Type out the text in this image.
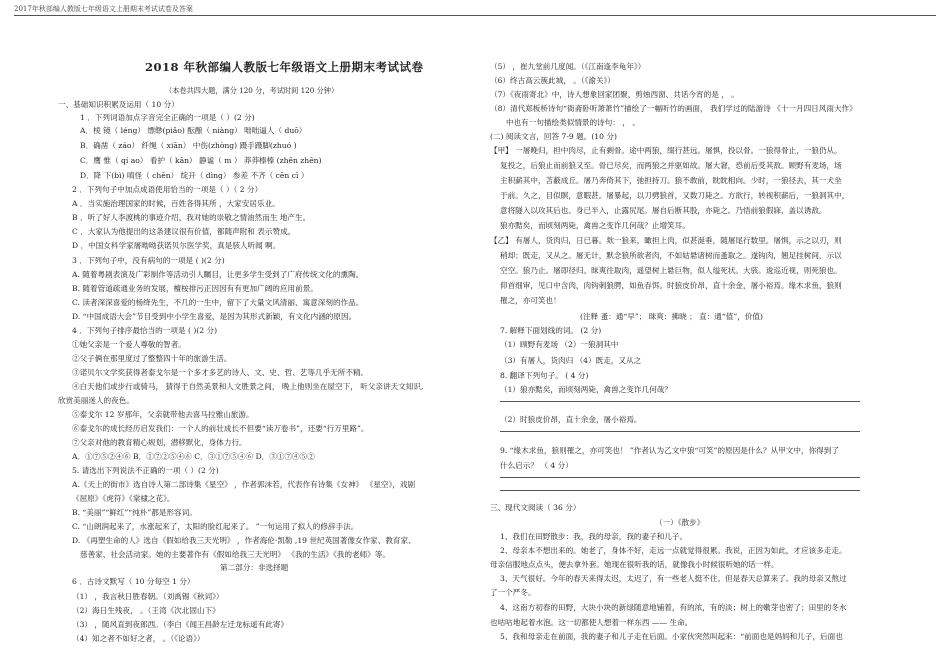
2017年秋部编人教版七年级语文上册期末考试试卷及答案
2018 年秋部编人教版七年级语文上册期末考试试卷
（本卷共四大题，满分 120 分，考试时间 120 分钟）
一、基础知识积累及运用（ 10 分）
1 ．下列词语加点字音完全正确的一项是（ ）(2 分)
A．棱 镜（ lénɡ） 缥缈(piǎo) 酝酿（ niànɡ） 咄咄逼人（ duō）
B．确凿（ záo） 纤绳（ xiān） 中伤(zhòng) 蹑手蹑脚(zhuó )
C．鹰 惟（ qí ao） 看护（ kān） 静谧（ m ） 莽莽榛榛 (zhēn zhēn)
D．降 下(bì) 嗔怪（ chēn） 绽开（ dìng） 参差 不齐（ cēn cī ）
2 ．下列句子中加点成语使用恰当的一项是（ ）（ 2 分）
A ．当实施治理国家的时候，百姓各得其所 ，大家安居乐业。
B ．听了好人李渡桃的事迹介绍，我对她的崇敬之情油然而生 地产生。
C ．大家认为他提出的这条建议很有价值，都随声附和 表示赞成。
D ．中国女科学家屠呦呦获诺贝尔医学奖，真是骇人听闻 啊。
3 ．下列句子中，没有病句的一项是 ( )(2 分)
A. 随着粤剧表演及广彩制作等活动引人瞩目，让更多学生受到了广府传统文化的熏陶。
B. 随着管道疏通业务的发展，檀桉排污正因因有有更加广阔的应用前景。
C. 读者深深喜爱的杨绛先生，不几的一生中，留下了大量文风清丽、寓意深刻的作品。
D. “中国成语大会”节目受到中小学生喜爱，是因为其形式新颖，有文化内涵的原因。
4 ．下列句子排序最恰当的一项是 ( )(2 分)
①她父亲是一个爱人尊敬的智者。
②父子俩在那里度过了整整四十年的旅游生活。
③诺贝尔文学奖获得者泰戈尔是一个多才多艺的诗人、文、史、哲、艺等几乎无所不精。
④白天他们或步行或骑马， 猜得于自然美景和人文胜景之间， 晚上他则坐在屋空下， 听父亲讲天文知识,
欣赏美丽迷人的夜色。
⑤泰戈尔 12 岁那年，父亲就带他去喜马拉雅山旅游。
⑥泰戈尔的成长经历启发我们：一个人的前壮成长不但要“读万卷书”，还要“行万里路”。
⑦父亲对他的教育精心规划，潜移默化，身体力行。
A．①⑦⑤②④⑥ B．①⑦②⑤④⑥ C．③①⑦⑤④⑥ D．③①⑦④⑤②
5. 请选出下列说法不正确的一项（ ）(2 分)
A.《天上的街市》选自诗人第二部诗集《星空》 ，作者郭沫若，代表作有诗集《女神》 《星空》，戏剧
《屈原》《虎符》《棠棣之花》。
B. “美丽”“鲜红”“纯朴”都是形容词。
C. “山朗润起来了，水涨起来了，太阳的脸红起来了。 ”一句运用了拟人的修辞手法。
D. 《再塑生命的人》选自《假如给我三天光明》 ，作者海伦·凯勒 ,19 世纪英国著像女作家、教育家、
慈善家、社会活动家。她的主要著作有《假如给我三天光明》 《我的生活》《我的老师》等。
第二部分：非选择题
6 ．古诗文默写（ 10 分每空 1 分）
（1） ，我言秋日胜春朝。（刘禹锡《秋词》）
（2）海日生残夜， 。（王湾《次北固山下》
（3） ，随风直到夜郎西。（李白《闻王昌龄左迁龙标遥有此寄》
（4）知之者不如好之者， 。（《论语》）
（5） ，崔九堂前几度闻。（《江南逢李龟年》）
（6）终古高云簇此城， 。（《渝关》）
（7）《夜雨寄北》中，诗人想象回家团聚，剪烛西窗、共话今宵的是 ， 。
（8）清代郑板桥诗句“衙斋卧听萧萧竹”描绘了一幅听竹的画面， 我们学过的陆游诗 《十一月四日风雨大作》
中也有一句描绘类似情景的诗句： ， 。
(二) 阅读文言，回答 7-9 题。(10 分)
【甲】 一屠晚归，担中肉尽，止有剩骨。途中两狼，缀行甚远。屠惧，投以骨。一狼得骨止，一狼仍从。
复投之，后狼止而前狼又至。骨已尽矣，而两狼之并驱如故。屠大窘，恐前后受其敌。顾野有麦场，场
主积薪其中，苫蔽成丘。屠乃奔倚其下，弛担持刀。狼不敢前，眈眈相向。少时，一狼径去，其一犬坐
于前。久之，目似瞑，意暇甚。屠暴起，以刀劈狼首，又数刀毙之。方欲行，转视积薪后，一狼洞其中，
意将隧入以攻其后也。身已半入，止露尻尾。屠自后断其股，亦毙之。乃悟前狼假寐，盖以诱敌。
狼亦黠矣，而顷刻两毙，禽兽之变诈几何哉？止增笑耳。
【乙】 有屠人，货肉归，日已暮。欻一狼来，瞰担上肉，似甚涎垂，随屠尾行数里。屠惧，示之以刃，则
稍却；既走，又从之。屠无计，默念狼所欲者肉，不如姑悬诸树而蚤取之。遂钩肉，翘足挂树间，示以
空空。狼乃止。屠即径归。昧爽往取肉，遥望树上悬巨物，似人缢死状。大骇。逡巡近视，则死狼也。
仰首细审，见口中含肉，肉钩刺狼腭，如鱼吞饵。时狼皮价昂，直十余金，屠小裕焉。缘木求鱼，狼则
罹之，亦可笑也！
(注释 蚤：通“早”； 昧爽：拂晓 ； 直：通“值”，价值)
7. 解释下面划线的词。 (2 分)
（1）顾野有麦场 （2）一狼洞其中
（3）有屠人，货肉归 （4）既走，又从之
8. 翻译下列句子。 ( 4 分)
（1）狼亦黠矣，而顷刻两毙，禽兽之变诈几何哉？
（2）时狼皮价昂，直十余金，屠小裕焉。
9. “缘木求鱼，狼则罹之，亦可笑也！ ”作者认为乙文中狼“可笑”的原因是什么？从甲文中，你得到了
什么启示？ （ 4 分）
三、现代文阅读（ 36 分）
（一）《散步》
1、我们在田野散步：我，我的母亲，我的妻子和儿子。
2、母亲本不想出来的。她老了，身体不好，走远一点就觉得很累。我说，正因为如此，才应该多走走。
母亲信服地点点头，便去拿外套。她现在很听我的话，就像我小时候很听她的话一样。
3、天气很好。今年的春天来得太迟，太迟了，有一些老人挺不住。但是春天总算来了。我的母亲又熬过
了一个严冬。
4、这南方初春的田野，大块小块的新绿随意地铺着，有的浓，有的淡；树上的嫩芽也密了；田里的冬水
也咕咕地起着水泡。这一切都使人想着一样东西 —— 生命。
5、我和母亲走在前面，我的妻子和儿子走在后面。小家伙突然叫起来：“前面也是妈妈和儿子，后面也
